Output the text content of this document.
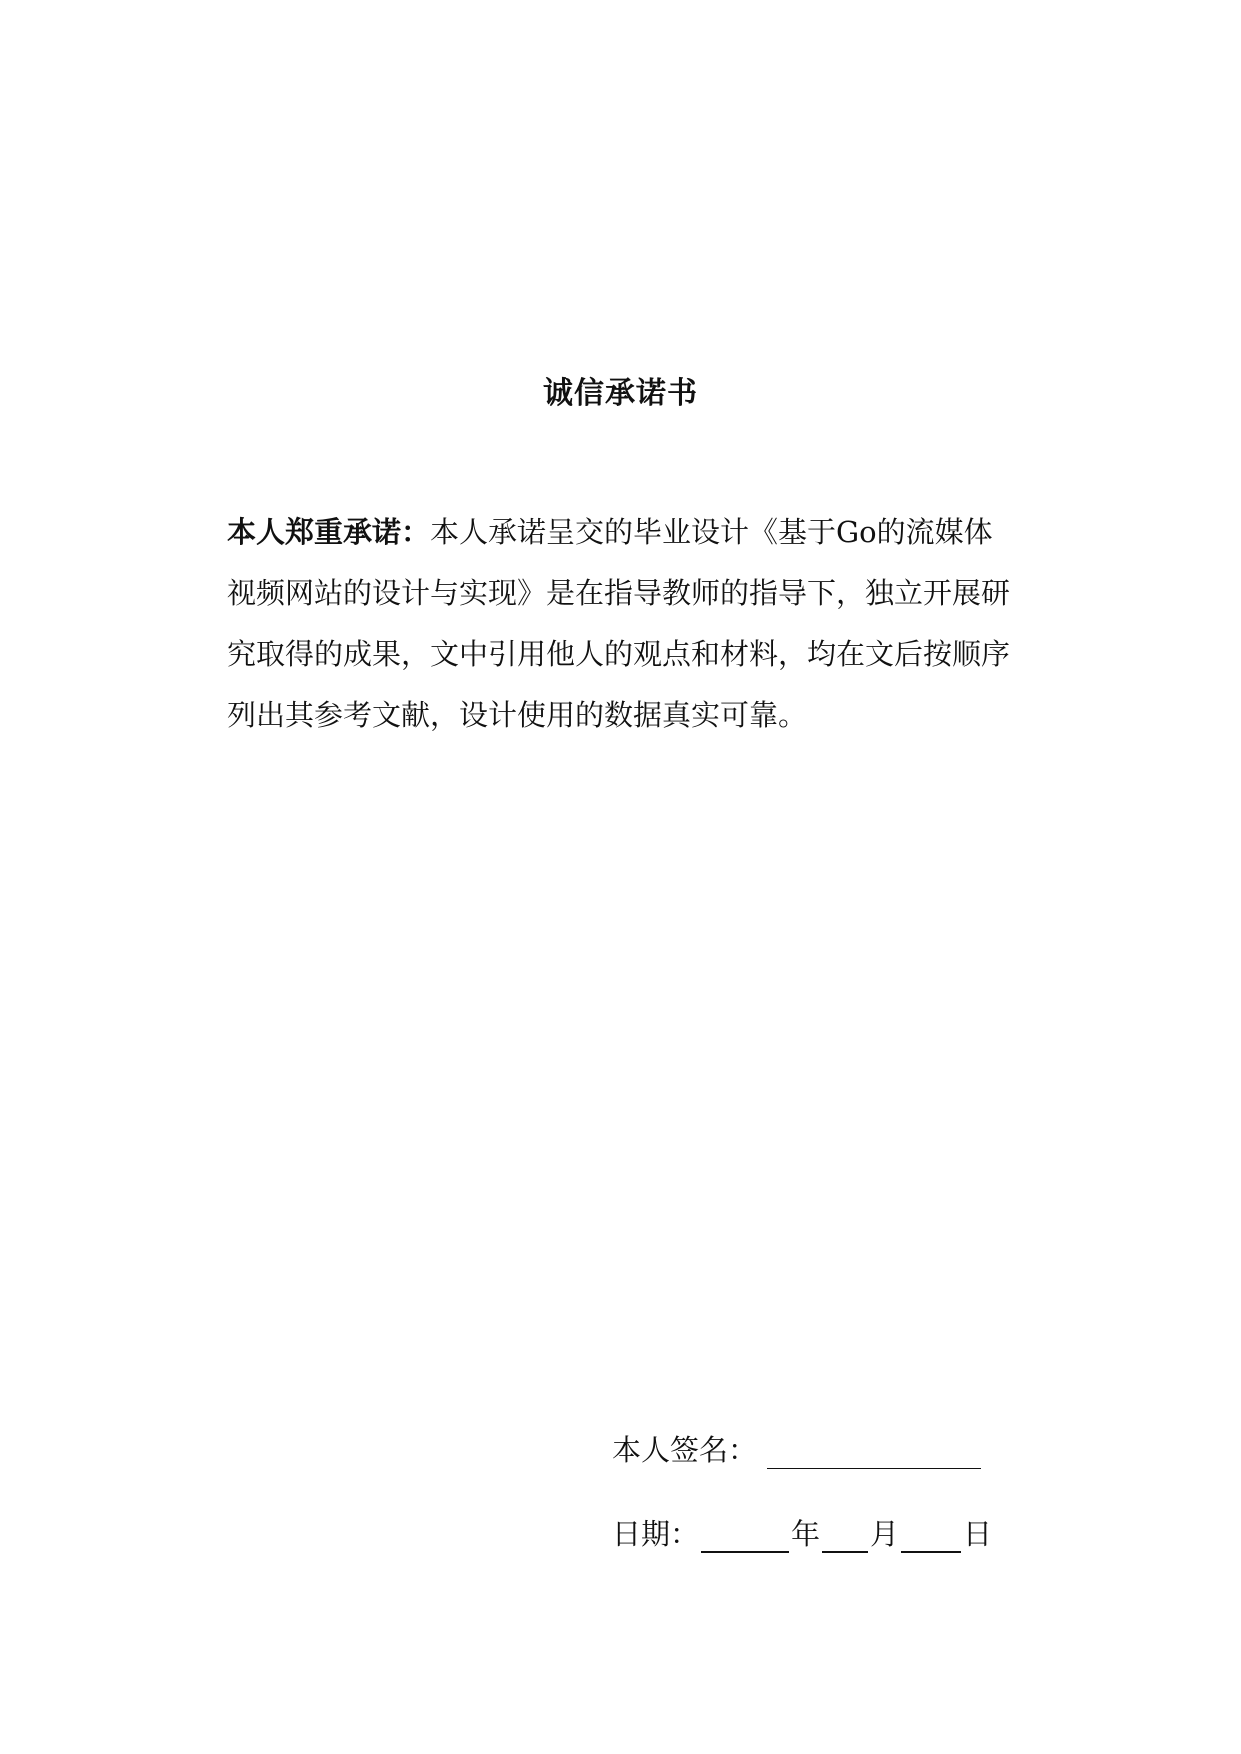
诚信承诺书

本人郑重承诺：本人承诺呈交的毕业设计《基于Go的流媒体
视频网站的设计与实现》是在指导教师的指导下，独立开展研
究取得的成果，文中引用他人的观点和材料，均在文后按顺序
列出其参考文献，设计使用的数据真实可靠。

本人签名：
日期：	年 月 日
